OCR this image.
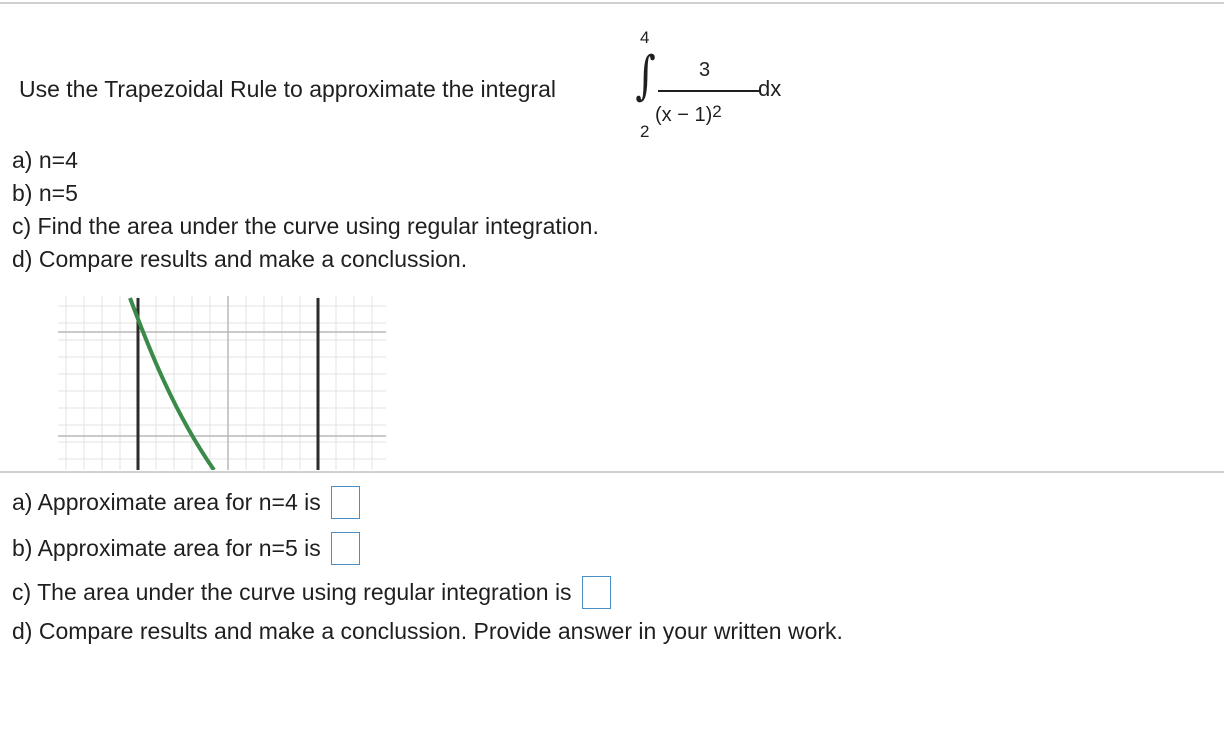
Use the Trapezoidal Rule to approximate the integral ∫
4
2
3
$(x - 1)^2$
dx
a) n=4
b) n=5
c) Find the area under the curve using regular integration.
d) Compare results and make a conclussion.
a) Approximate area for n=4 is
b) Approximate area for n=5 is
c) The area under the curve using regular integration is
d) Compare results and make a conclussion. Provide answer in your written work.
